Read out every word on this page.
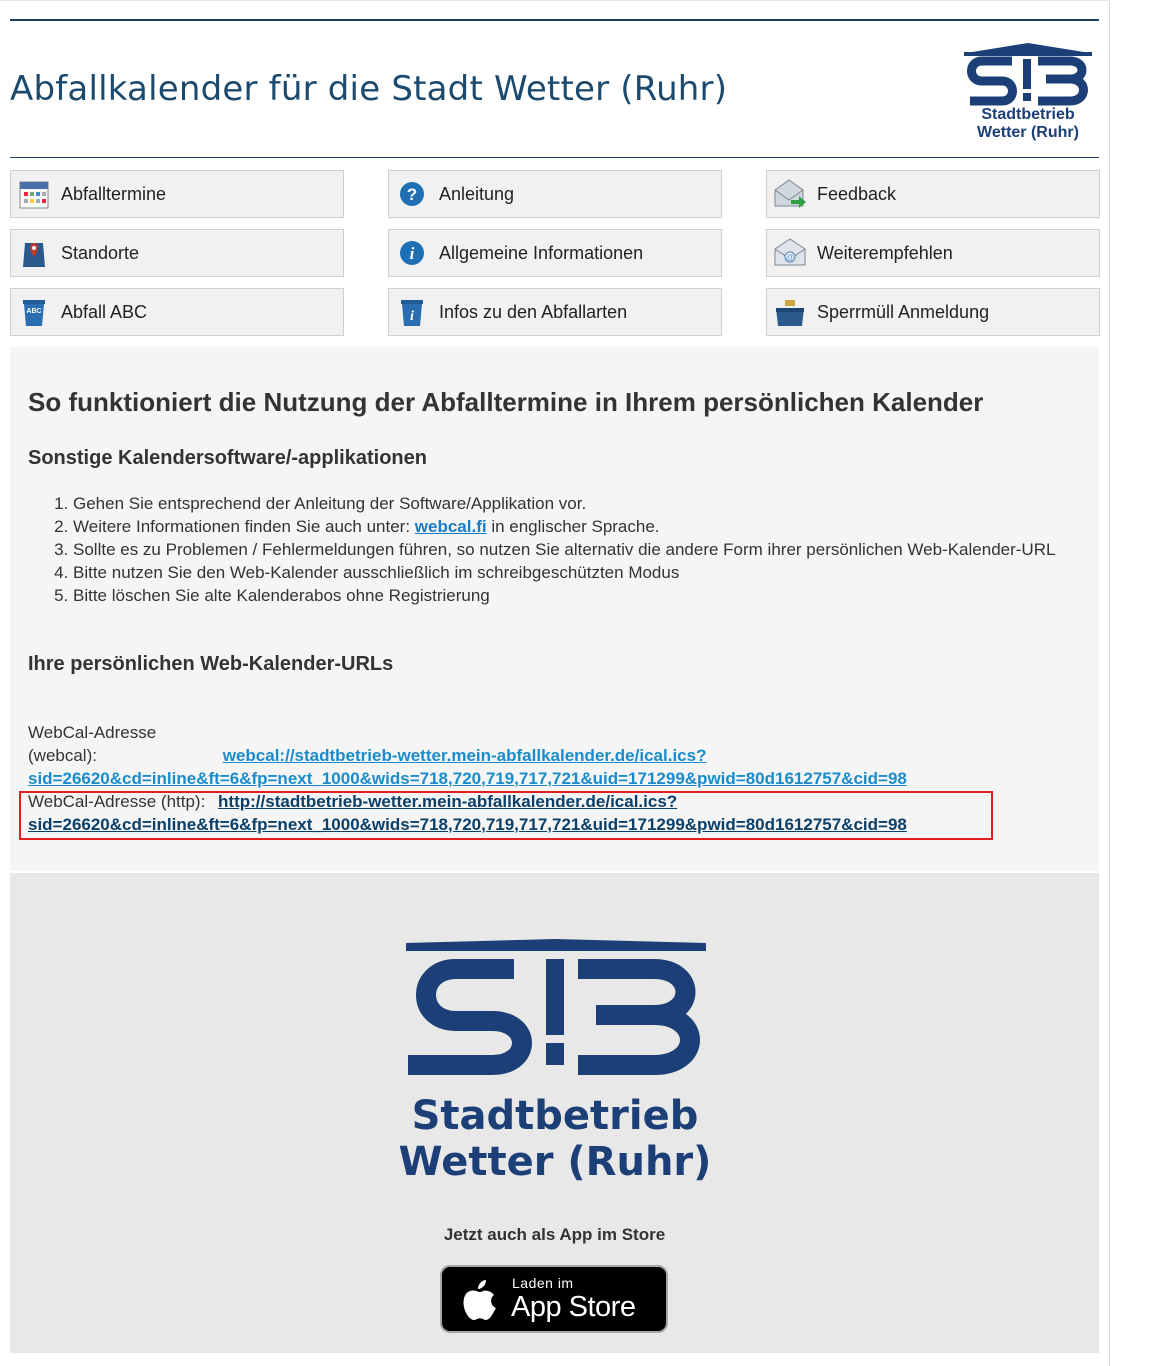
Abfallkalender für die Stadt Wetter (Ruhr)
Stadtbetrieb
Wetter (Ruhr)
Abfalltermine	? Anleitung	Feedback
Standorte	i Allgemeine Informationen	@ Weiterempfehlen
ABC Abfall ABC	i Infos zu den Abfallarten	Sperrmüll Anmeldung
So funktioniert die Nutzung der Abfalltermine in Ihrem persönlichen Kalender
Sonstige Kalendersoftware/-applikationen
1. Gehen Sie entsprechend der Anleitung der Software/Applikation vor.
2. Weitere Informationen finden Sie auch unter: webcal.fi in englischer Sprache.
3. Sollte es zu Problemen / Fehlermeldungen führen, so nutzen Sie alternativ die andere Form ihrer persönlichen Web-Kalender-URL
4. Bitte nutzen Sie den Web-Kalender ausschließlich im schreibgeschützten Modus
5. Bitte löschen Sie alte Kalenderabos ohne Registrierung
Ihre persönlichen Web-Kalender-URLs
WebCal-Adresse (webcal):	webcal://stadtbetrieb-wetter.mein-abfallkalender.de/ical.ics?
sid=26620&cd=inline&ft=6&fp=next_1000&wids=718,720,719,717,721&uid=171299&pwid=80d1612757&cid=98
WebCal-Adresse (http): http://stadtbetrieb-wetter.mein-abfallkalender.de/ical.ics?
sid=26620&cd=inline&ft=6&fp=next_1000&wids=718,720,719,717,721&uid=171299&pwid=80d1612757&cid=98
Stadtbetrieb
Wetter (Ruhr)
Jetzt auch als App im Store
Laden im
App Store
